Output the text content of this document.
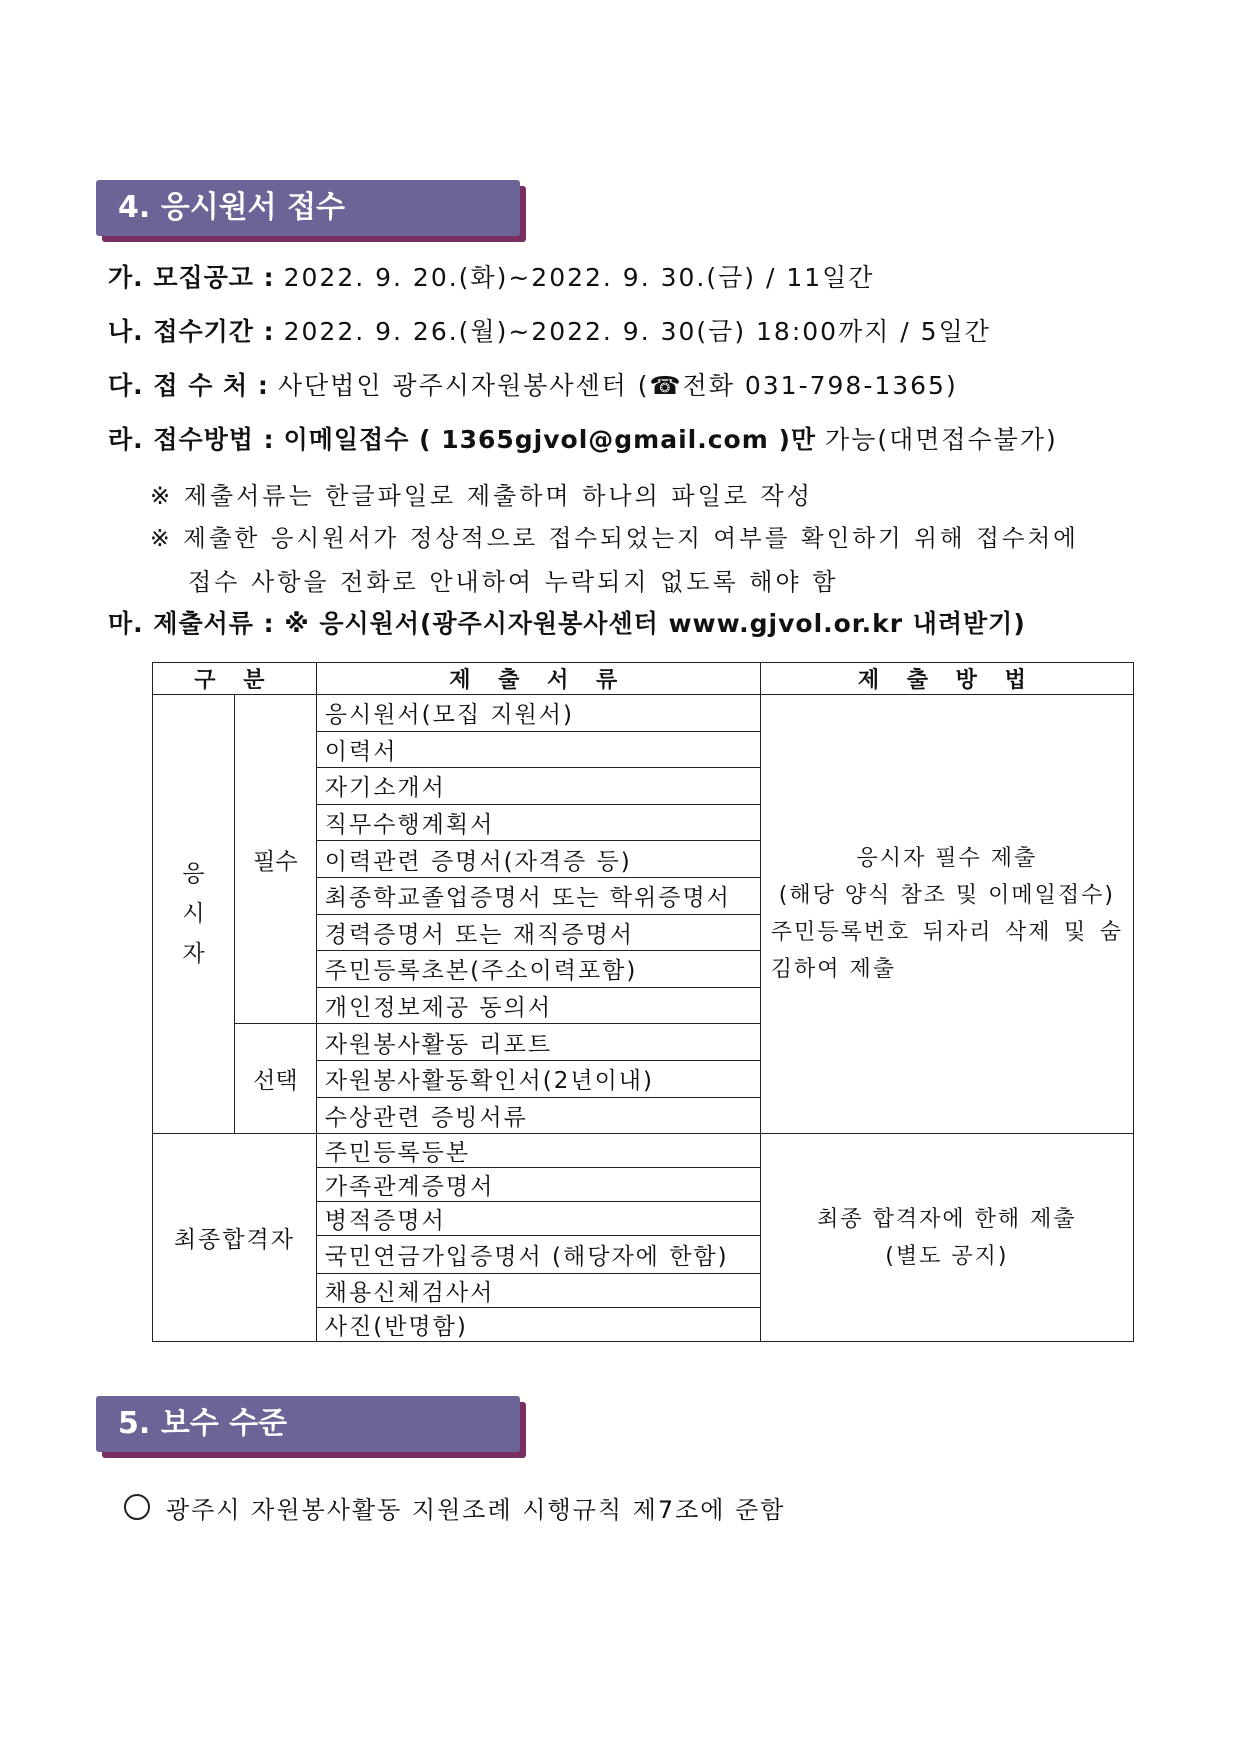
4. 응시원서 접수
가. 모집공고 : 2022. 9. 20.(화)~2022. 9. 30.(금) / 11일간
나. 접수기간 : 2022. 9. 26.(월)~2022. 9. 30(금) 18:00까지 / 5일간
다. 접 수 처 : 사단법인 광주시자원봉사센터 (☎전화 031-798-1365)
라. 접수방법 : 이메일접수 ( 1365gjvol@gmail.com )만 가능(대면접수불가)
※ 제출서류는 한글파일로 제출하며 하나의 파일로 작성
※ 제출한 응시원서가 정상적으로 접수되었는지 여부를 확인하기 위해 접수처에
접수 사항을 전화로 안내하여 누락되지 없도록 해야 함
마. 제출서류 : ※ 응시원서(광주시자원봉사센터 www.gjvol.or.kr 내려받기)
구 분		제 출 서 류	제 출 방 법
응시자	필수	응시원서(모집 지원서)	응시자 필수 제출
(해당 양식 참조 및 이메일접수)
주민등록번호 뒤자리 삭제 및 숨
김하여 제출

		이력서	
		자기소개서	
		직무수행계획서	
		이력관련 증명서(자격증 등)	
		최종학교졸업증명서 또는 학위증명서	
		경력증명서 또는 재직증명서	
		주민등록초본(주소이력포함)	
		개인정보제공 동의서	
	선택	자원봉사활동 리포트	
		자원봉사활동확인서(2년이내)	
		수상관련 증빙서류	
최종합격자		주민등록등본	최종 합격자에 한해 제출
(별도 공지)

		가족관계증명서	
		병적증명서	
		국민연금가입증명서 (해당자에 한함)	
		채용신체검사서	
		사진(반명함)	
5. 보수 수준
광주시 자원봉사활동 지원조례 시행규칙 제7조에 준함
